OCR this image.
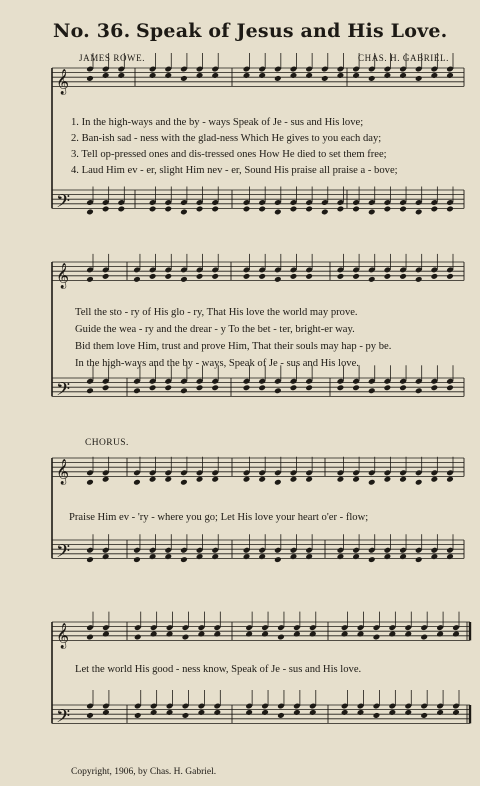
No. 36. Speak of Jesus and His Love.
JAMES ROWE.	CHAS. H. GABRIEL.
𝄞
𝄢
𝄞
𝄢
𝄞
𝄢
𝄞
𝄢
1. In the high-ways and the by - ways Speak of Je - sus and His love;
2. Ban-ish sad - ness with the glad-ness Which He gives to you each day;
3. Tell op-pressed ones and dis-tressed ones How He died to set them free;
4. Laud Him ev - er, slight Him nev - er, Sound His praise all praise a - bove;
Tell the sto - ry of His glo - ry, That His love the world may prove.
Guide the wea - ry and the drear - y To the bet - ter, bright-er way.
Bid them love Him, trust and prove Him, That their souls may hap - py be.
In the high-ways and the by - ways, Speak of Je - sus and His love.
CHORUS.
Praise Him ev - 'ry - where you go; Let His love your heart o'er - flow;
Let the world His good - ness know, Speak of Je - sus and His love.
Copyright, 1906, by Chas. H. Gabriel.
